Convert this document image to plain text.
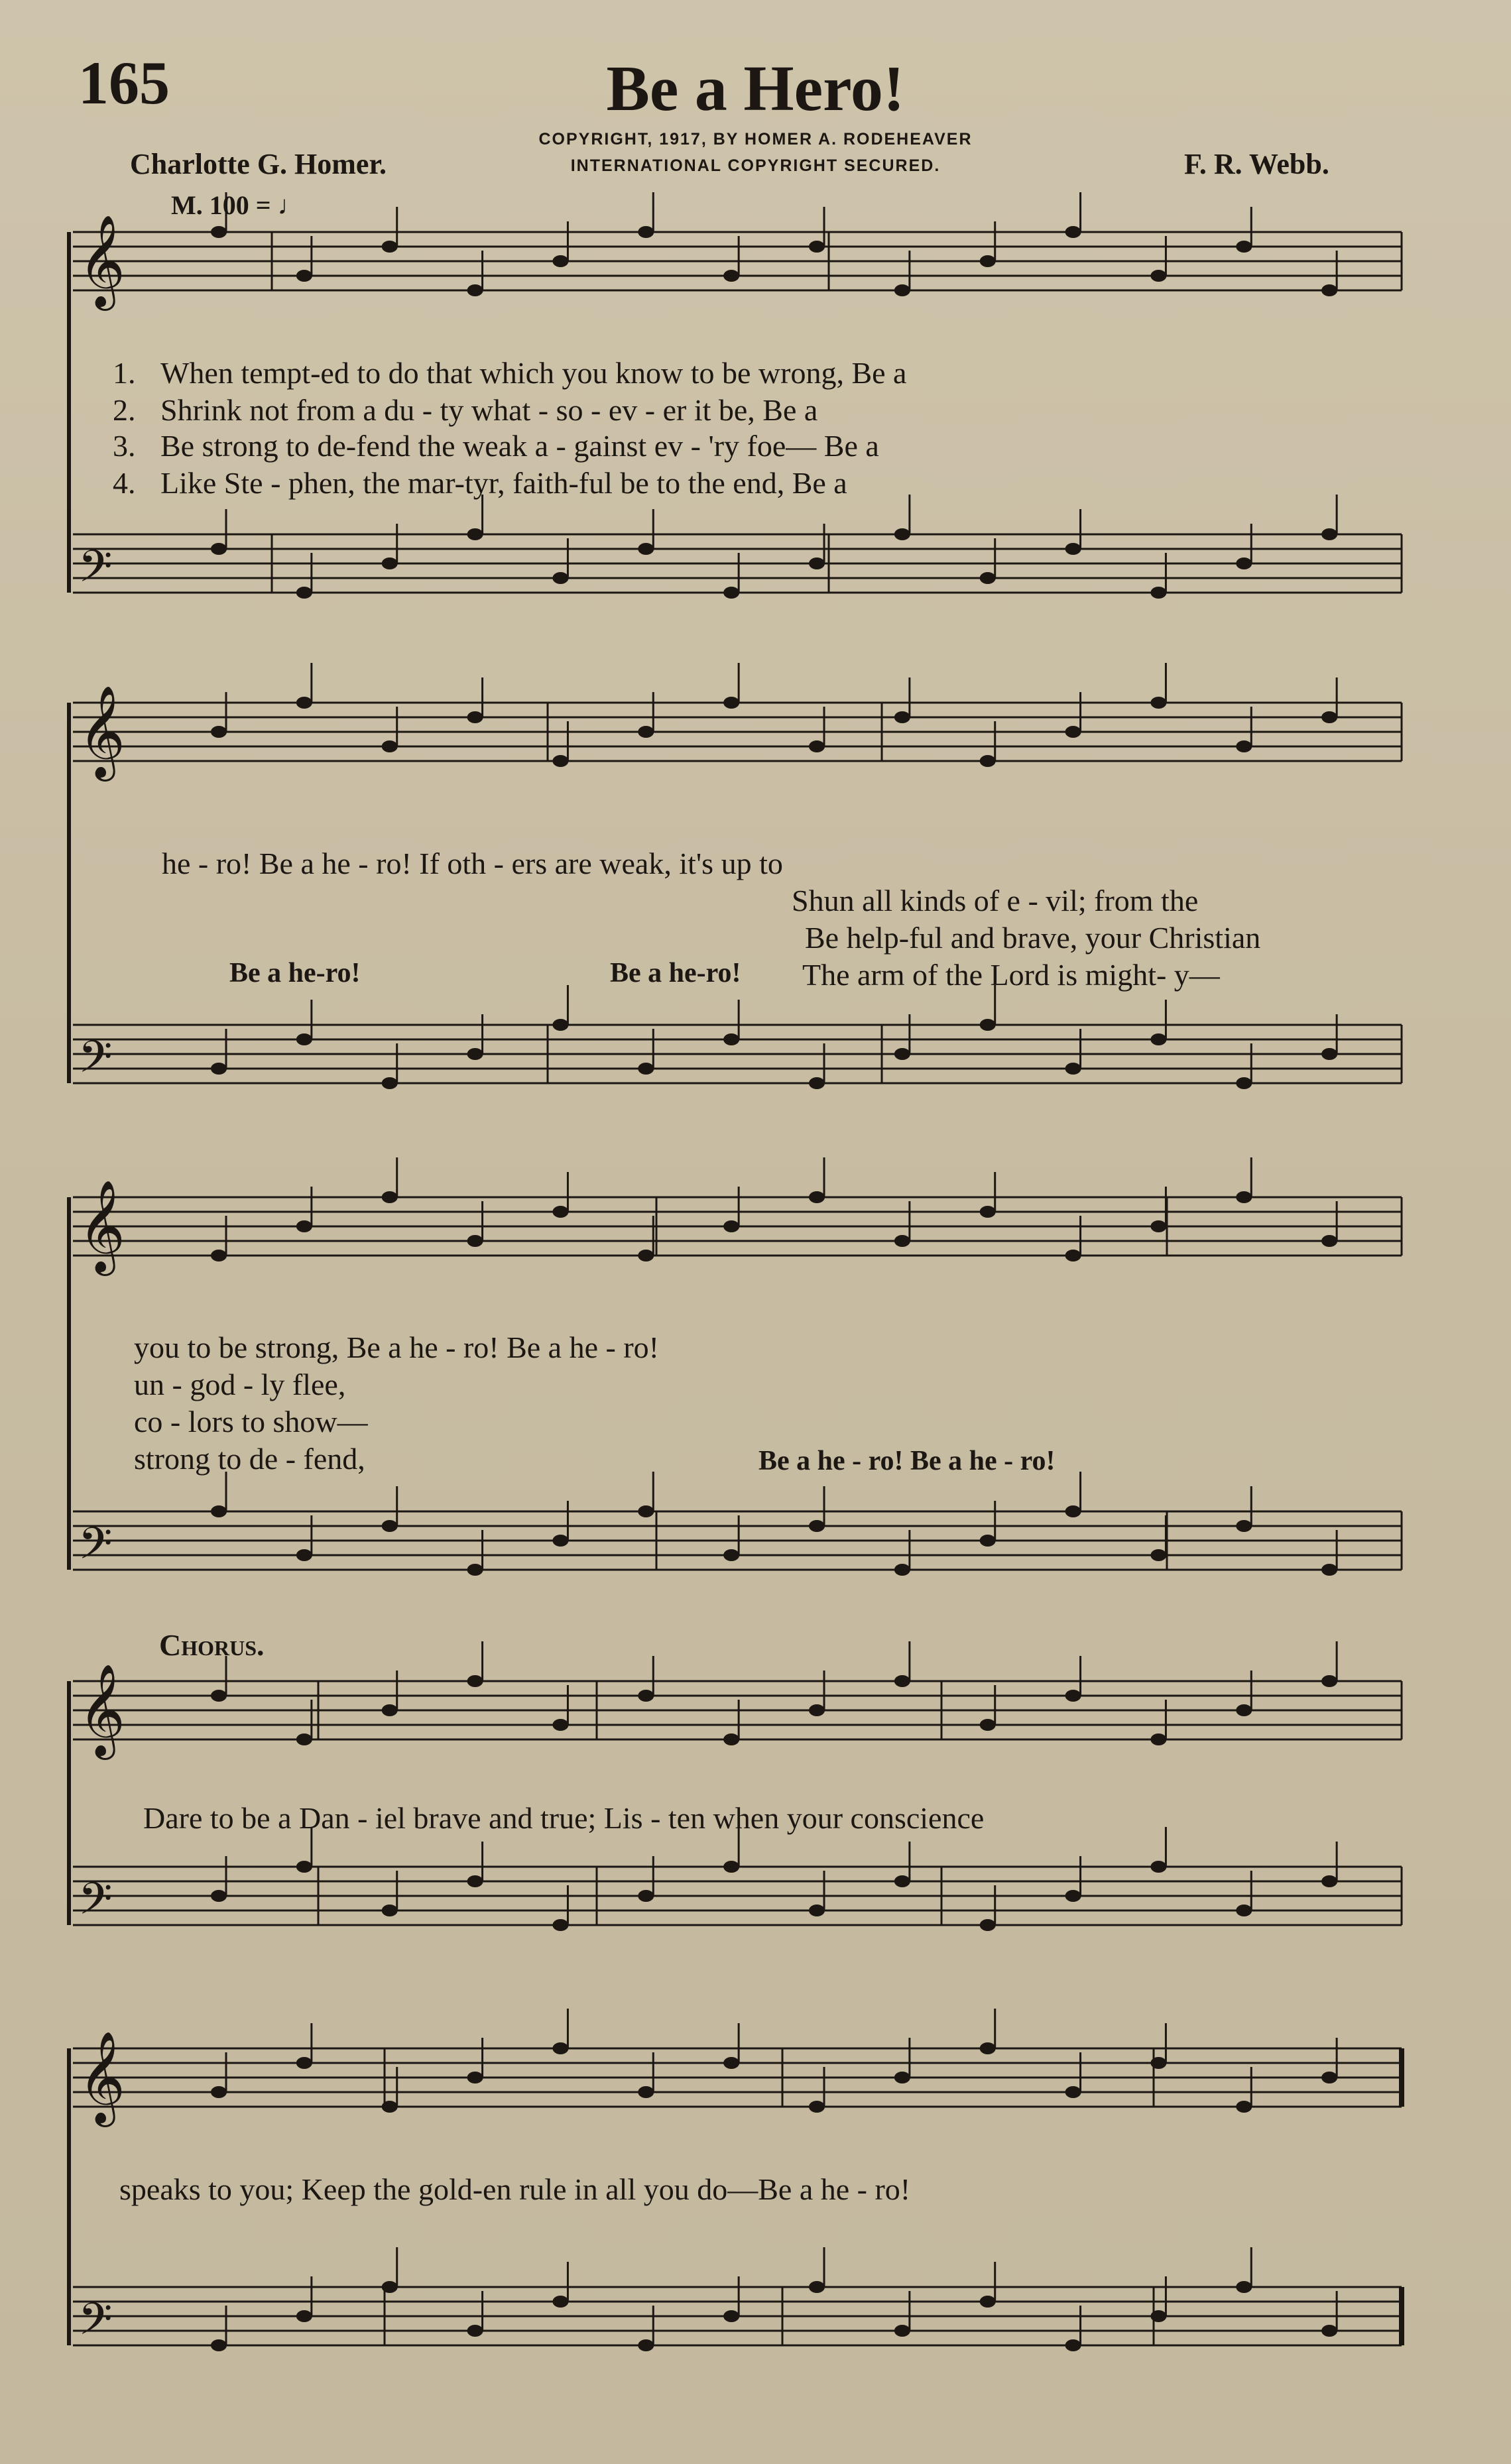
165	Be a Hero!
COPYRIGHT, 1917, BY HOMER A. RODEHEAVER
INTERNATIONAL COPYRIGHT SECURED.
Charlotte G. Homer.	F. R. Webb.
M. 100 = ♩
𝄞
𝄢
𝄞
𝄢
𝄞
𝄢
𝄞
𝄢
𝄞
𝄢
1. When tempt-ed to do that which you know to be wrong, Be a
2. Shrink not from a du - ty what - so - ev - er it be, Be a
3. Be strong to de-fend the weak a - gainst ev - 'ry foe— Be a
4. Like Ste - phen, the mar-tyr, faith-ful be to the end, Be a
he - ro! Be a he - ro! If oth - ers are weak, it's up to
Shun all kinds of e - vil; from the
Be help-ful and brave, your Christian
Be a he-ro!	Be a he-ro! The arm of the Lord is might- y—
you to be strong, Be a he - ro! Be a he - ro!
un - god - ly flee,
co - lors to show—
strong to de - fend,	Be a he - ro! Be a he - ro!
Chorus.
Dare to be a Dan - iel brave and true; Lis - ten when your conscience
speaks to you; Keep the gold-en rule in all you do—Be a he - ro!
